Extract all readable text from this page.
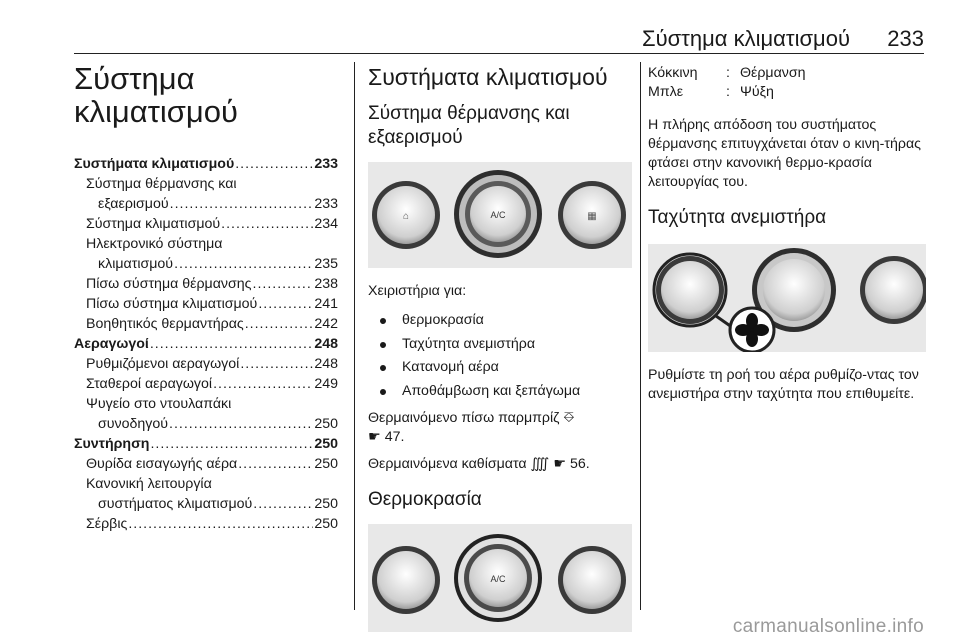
Σύστημα κλιματισμού 233
Σύστημα
κλιματισμού
Συστήματα κλιματισμού .....	233
Σύστημα θέρμανσης και
εξαερισμού .....	233
Σύστημα κλιματισμού .....	234
Ηλεκτρονικό σύστημα
κλιματισμού .....	235
Πίσω σύστημα θέρμανσης .....	238
Πίσω σύστημα κλιματισμού .....	241
Βοηθητικός θερμαντήρας .....	242
Αεραγωγοί .....	248
Ρυθμιζόμενοι αεραγωγοί .....	248
Σταθεροί αεραγωγοί .....	249
Ψυγείο στο ντουλαπάκι
συνοδηγού .....	250
Συντήρηση .....	250
Θυρίδα εισαγωγής αέρα .....	250
Κανονική λειτουργία
συστήματος κλιματισμού .....	250
Σέρβις .....	250
Συστήματα κλιματισμού
Σύστημα θέρμανσης και
εξαερισμού
A/C
⌂	▦
Χειριστήρια για:
θερμοκρασία
Ταχύτητα ανεμιστήρα
Κατανομή αέρα
Αποθάμβωση και ξεπάγωμα
Θερμαινόμενο πίσω παρμπρίζ ⎑
☛ 47.
Θερμαινόμενα καθίσματα ⨌ ☛ 56.
Θερμοκρασία
A/C
Κόκκινη	: Θέρμανση
Μπλε	: Ψύξη
Η πλήρης απόδοση του συστήματος θέρμανσης επιτυγχάνεται όταν ο κινη-τήρας φτάσει στην κανονική θερμο-κρασία λειτουργίας του.
Ταχύτητα ανεμιστήρα
Ρυθμίστε τη ροή του αέρα ρυθμίζο-ντας τον ανεμιστήρα στην ταχύτητα που επιθυμείτε.
carmanualsonline.info
